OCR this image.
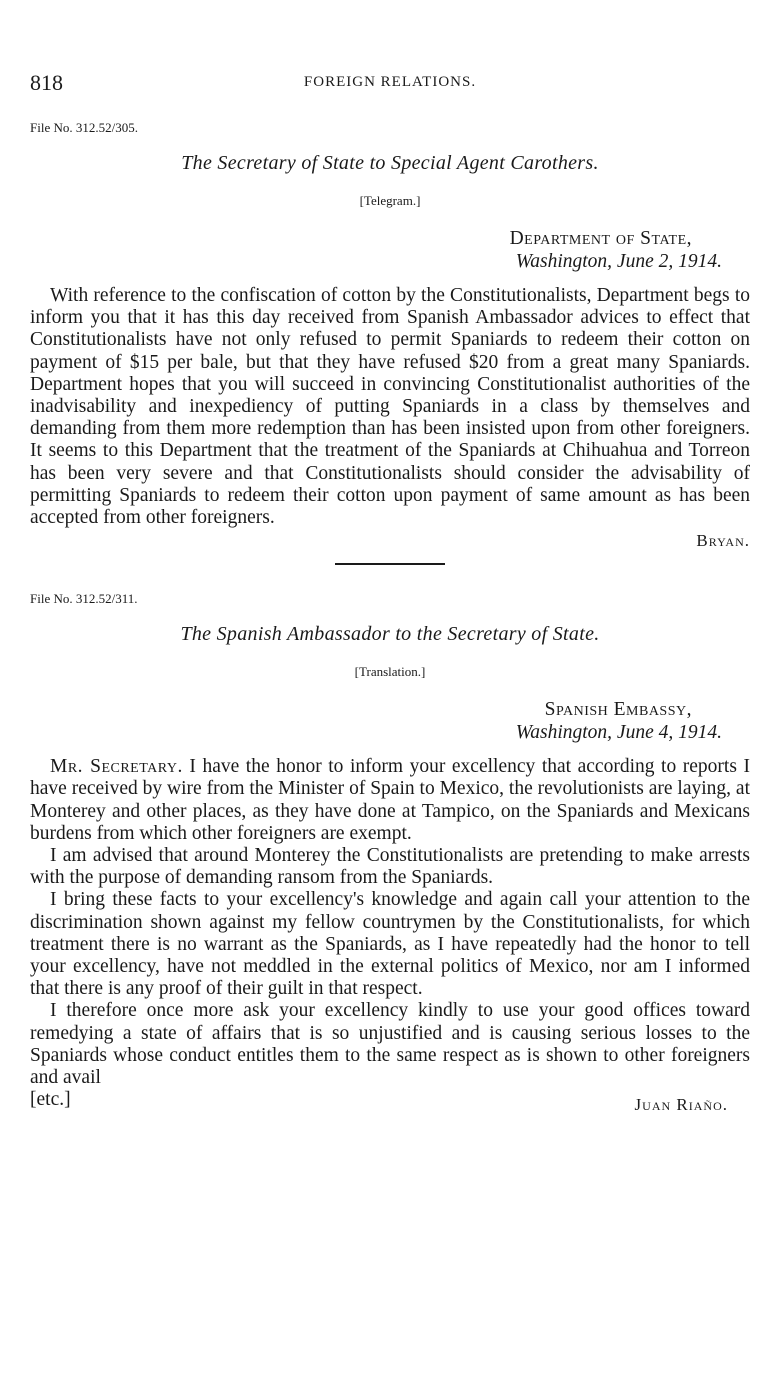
818	FOREIGN RELATIONS.
File No. 312.52/305.
The Secretary of State to Special Agent Carothers.
[Telegram.]
Department of State,
Washington, June 2, 1914.

With reference to the confiscation of cotton by the Constitutionalists, Department begs to inform you that it has this day received from Spanish Ambassador advices to effect that Constitutionalists have not only refused to permit Spaniards to redeem their cotton on payment of $15 per bale, but that they have refused $20 from a great many Spaniards. Department hopes that you will succeed in convincing Constitutionalist authorities of the inadvisability and inexpediency of putting Spaniards in a class by themselves and demanding from them more redemption than has been insisted upon from other foreigners. It seems to this Department that the treatment of the Spaniards at Chihuahua and Torreon has been very severe and that Constitutionalists should consider the advisability of permitting Spaniards to redeem their cotton upon payment of same amount as has been accepted from other foreigners.

Bryan.
File No. 312.52/311.
The Spanish Ambassador to the Secretary of State.
[Translation.]
Spanish Embassy,
Washington, June 4, 1914.

Mr. Secretary. I have the honor to inform your excellency that according to reports I have received by wire from the Minister of Spain to Mexico, the revolutionists are laying, at Monterey and other places, as they have done at Tampico, on the Spaniards and Mexicans burdens from which other foreigners are exempt.

I am advised that around Monterey the Constitutionalists are pretending to make arrests with the purpose of demanding ransom from the Spaniards.

I bring these facts to your excellency's knowledge and again call your attention to the discrimination shown against my fellow countrymen by the Constitutionalists, for which treatment there is no warrant as the Spaniards, as I have repeatedly had the honor to tell your excellency, have not meddled in the external politics of Mexico, nor am I informed that there is any proof of their guilt in that respect.

I therefore once more ask your excellency kindly to use your good offices toward remedying a state of affairs that is so unjustified and is causing serious losses to the Spaniards whose conduct entitles them to the same respect as is shown to other foreigners and avail

[etc.]	Juan Riaño.
